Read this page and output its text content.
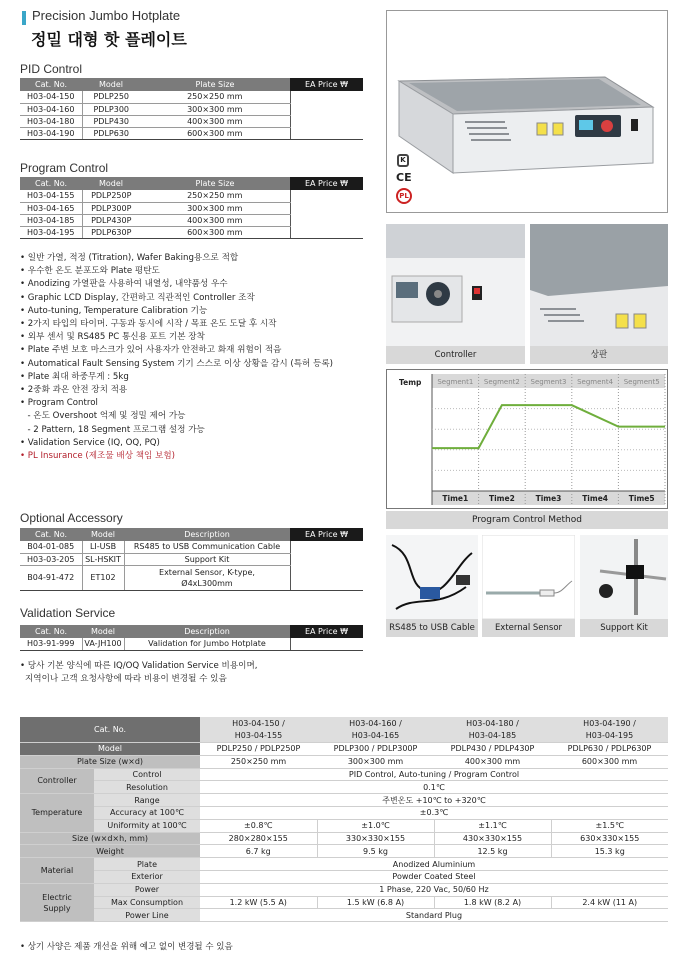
Precision Jumbo Hotplate
정밀 대형 핫 플레이트
PID Control
Cat. No.	Model	Plate Size	EA Price ₩
H03-04-150	PDLP250	250×250 mm	
H03-04-160	PDLP300	300×300 mm	
H03-04-180	PDLP430	400×300 mm	
H03-04-190	PDLP630	600×300 mm	
Program Control
Cat. No.	Model	Plate Size	EA Price ₩
H03-04-155	PDLP250P	250×250 mm	
H03-04-165	PDLP300P	300×300 mm	
H03-04-185	PDLP430P	400×300 mm	
H03-04-195	PDLP630P	600×300 mm	
• 일반 가열, 적정 (Titration), Wafer Baking용으로 적합
• 우수한 온도 분포도와 Plate 평탄도
• Anodizing 가열판을 사용하여 내열성, 내약품성 우수
• Graphic LCD Display, 간편하고 직관적인 Controller 조작
• Auto-tuning, Temperature Calibration 기능
• 2가지 타입의 타이머. 구동과 동시에 시작 / 목표 온도 도달 후 시작
• 외부 센서 및 RS485 PC 통신용 포트 기본 장착
• Plate 주변 보호 마스크가 있어 사용자가 안전하고 화재 위험이 적음
• Automatical Fault Sensing System 기기 스스로 이상 상황을 감시 (특허 등록)
• Plate 최대 하중무게 : 5kg
• 2중화 과온 안전 장치 적용
• Program Control
- 온도 Overshoot 억제 및 정밀 제어 가능
- 2 Pattern, 18 Segment 프로그램 설정 가능
• Validation Service (IQ, OQ, PQ)
• PL Insurance (제조물 배상 책임 보험)
Optional Accessory
Cat. No.	Model	Description	EA Price ₩
B04-01-085	LI-USB	RS485 to USB Communication Cable	
H03-03-205	SL-HSKIT	Support Kit	
B04-91-472	ET102	External Sensor, K-type,
Ø4xL300mm	
Validation Service
Cat. No.	Model	Description	EA Price ₩
H03-91-999	VA-JH100	Validation for Jumbo Hotplate	
• 당사 기본 양식에 따른 IQ/OQ Validation Service 비용이며,
지역이나 고객 요청사항에 따라 비용이 변경될 수 있음
K
CE
PL
Controller	상판
Temp Segment1 Segment2 Segment3 Segment4 Segment5
Time1	Time2	Time3	Time4	Time5
Program Control Method
RS485 to USB Cable	External Sensor	Support Kit
Cat. No.		H03-04-150 /	H03-04-160 /	H03-04-180 /	H03-04-190 /
		H03-04-155	H03-04-165	H03-04-185	H03-04-195
Model		PDLP250 / PDLP250P	PDLP300 / PDLP300P	PDLP430 / PDLP430P	PDLP630 / PDLP630P
Plate Size (w×d)		250×250 mm	300×300 mm	400×300 mm	600×300 mm
Controller	Control	PID Control, Auto-tuning / Program Control			
	Resolution	0.1℃			
Temperature	Range	주변온도 +10℃ to +320℃			
	Accuracy at 100℃	±0.3℃			
	Uniformity at 100℃	±0.8℃	±1.0℃	±1.1℃	±1.5℃
Size (w×d×h, mm)		280×280×155	330×330×155	430×330×155	630×330×155
Weight		6.7 kg	9.5 kg	12.5 kg	15.3 kg
Material	Plate	Anodized Aluminium			
	Exterior	Powder Coated Steel			
Electric
Supply	Power	1 Phase, 220 Vac, 50/60 Hz			
	Max Consumption	1.2 kW (5.5 A)	1.5 kW (6.8 A)	1.8 kW (8.2 A)	2.4 kW (11 A)
	Power Line	Standard Plug			
• 상기 사양은 제품 개선을 위해 예고 없이 변경될 수 있음
